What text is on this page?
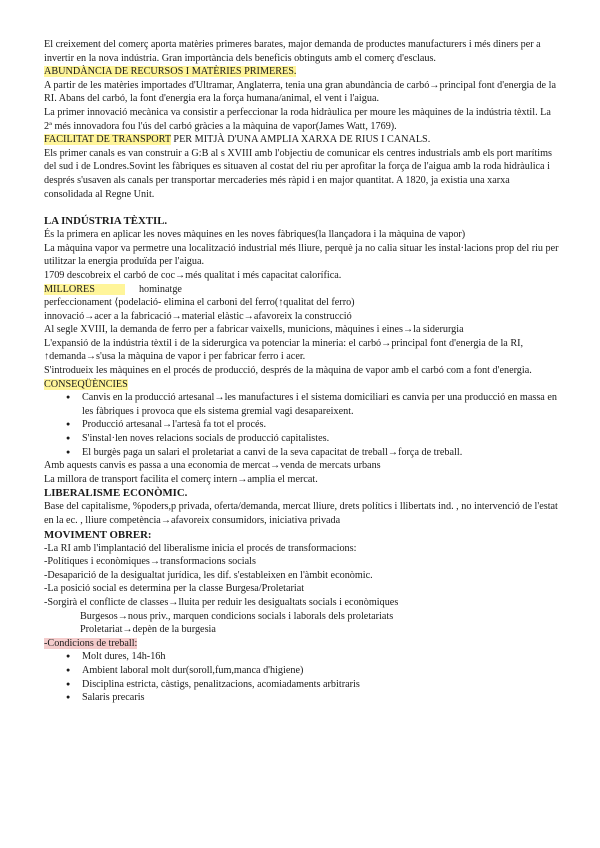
El creixement del comerç aporta matèries primeres barates, major demanda de productes manufacturers i més diners per a invertir en la nova indústria. Gran importància dels beneficis obtinguts amb el comerç d'esclaus.

ABUNDÀNCIA DE RECURSOS I MATÈRIES PRIMERES.

A partir de les matèries importades d'Ultramar, Anglaterra, tenia una gran abundància de carbó→principal font d'energia de la RI. Abans del carbó, la font d'energia era la força humana/animal, el vent i l'aigua.

La primer innovació mecànica va consistir a perfeccionar la roda hidràulica per moure les màquines de la indústria tèxtil. La 2ª més innovadora fou l'ús del carbó gràcies a la màquina de vapor(James Watt, 1769).

FACILITAT DE TRANSPORT PER MITJÀ D'UNA AMPLIA XARXA DE RIUS I CANALS.

Els primer canals es van construir a G:B al s XVIII amb l'objectiu de comunicar els centres industrials amb els port marítims del sud i de Londres.Sovint les fàbriques es situaven al costat del riu per aprofitar la força de l'aigua amb la roda hidràulica i després s'usaven als canals per transportar mercaderies més ràpid i en major quantitat. A 1820, ja existia una xarxa consolidada al Regne Unit.

LA INDÚSTRIA TÈXTIL.

És la primera en aplicar les noves màquines en les noves fàbriques(la llançadora i la màquina de vapor)

La màquina vapor va permetre una localització industrial més lliure, perquè ja no calia situar les instal·lacions prop del riu per utilitzar la energia produïda per l'aigua.

1709 descobreix el carbó de coc→més qualitat i més capacitat calorífica.

MILLORES	hominatge

perfeccionament ⟨podelació- elimina el carboni del ferro(↑qualitat del ferro)

innovació→acer a la fabricació→material elàstic→afavoreix la construcció

Al segle XVIII, la demanda de ferro per a fabricar vaixells, municions, màquines i eines→la siderurgia

L'expansió de la indústria tèxtil i de la siderurgica va potenciar la mineria: el carbó→principal font d'energia de la RI, ↑demanda→s'usa la màquina de vapor i per fabricar ferro i acer.

S'introdueix les màquines en el procés de producció, després de la màquina de vapor amb el carbó com a font d'energia.

CONSEQÜÈNCIES

● Canvis en la producció artesanal→les manufactures i el sistema domiciliari es canvia per una producció en massa en les fàbriques i provoca que els sistema gremial vagi desapareixent.
● Producció artesanal→l'artesà fa tot el procés.
● S'instal·len noves relacions socials de producció capitalistes.
● El burgès paga un salari el proletariat a canvi de la seva capacitat de treball→força de treball.

Amb aquests canvis es passa a una economia de mercat→venda de mercats urbans

La millora de transport facilita el comerç intern→amplia el mercat.

LIBERALISME ECONÒMIC.

Base del capitalisme, %poders,p privada, oferta/demanda, mercat lliure, drets polítics i llibertats ind. , no intervenció de l'estat en la ec. , lliure competència→afavoreix consumidors, iniciativa privada

MOVIMENT OBRER:

-La RI amb l'implantació del liberalisme inicia el procés de transformacions:

-Polítiques i econòmiques→transformacions socials

-Desaparició de la desigualtat jurídica, les dif. s'estableixen en l'àmbit econòmic.

-La posició social es determina per la classe Burgesa/Proletariat

-Sorgirà el conflicte de classes→lluita per reduir les desigualtats socials i econòmiques

Burgesos→nous priv., marquen condicions socials i laborals dels proletariats

Proletariat→depèn de la burgesia

-Condicions de treball:

● Molt dures, 14h-16h
● Ambient laboral molt dur(soroll,fum,manca d'higiene)
● Disciplina estricta, càstigs, penalitzacions, acomiadaments arbitraris
● Salaris precaris
